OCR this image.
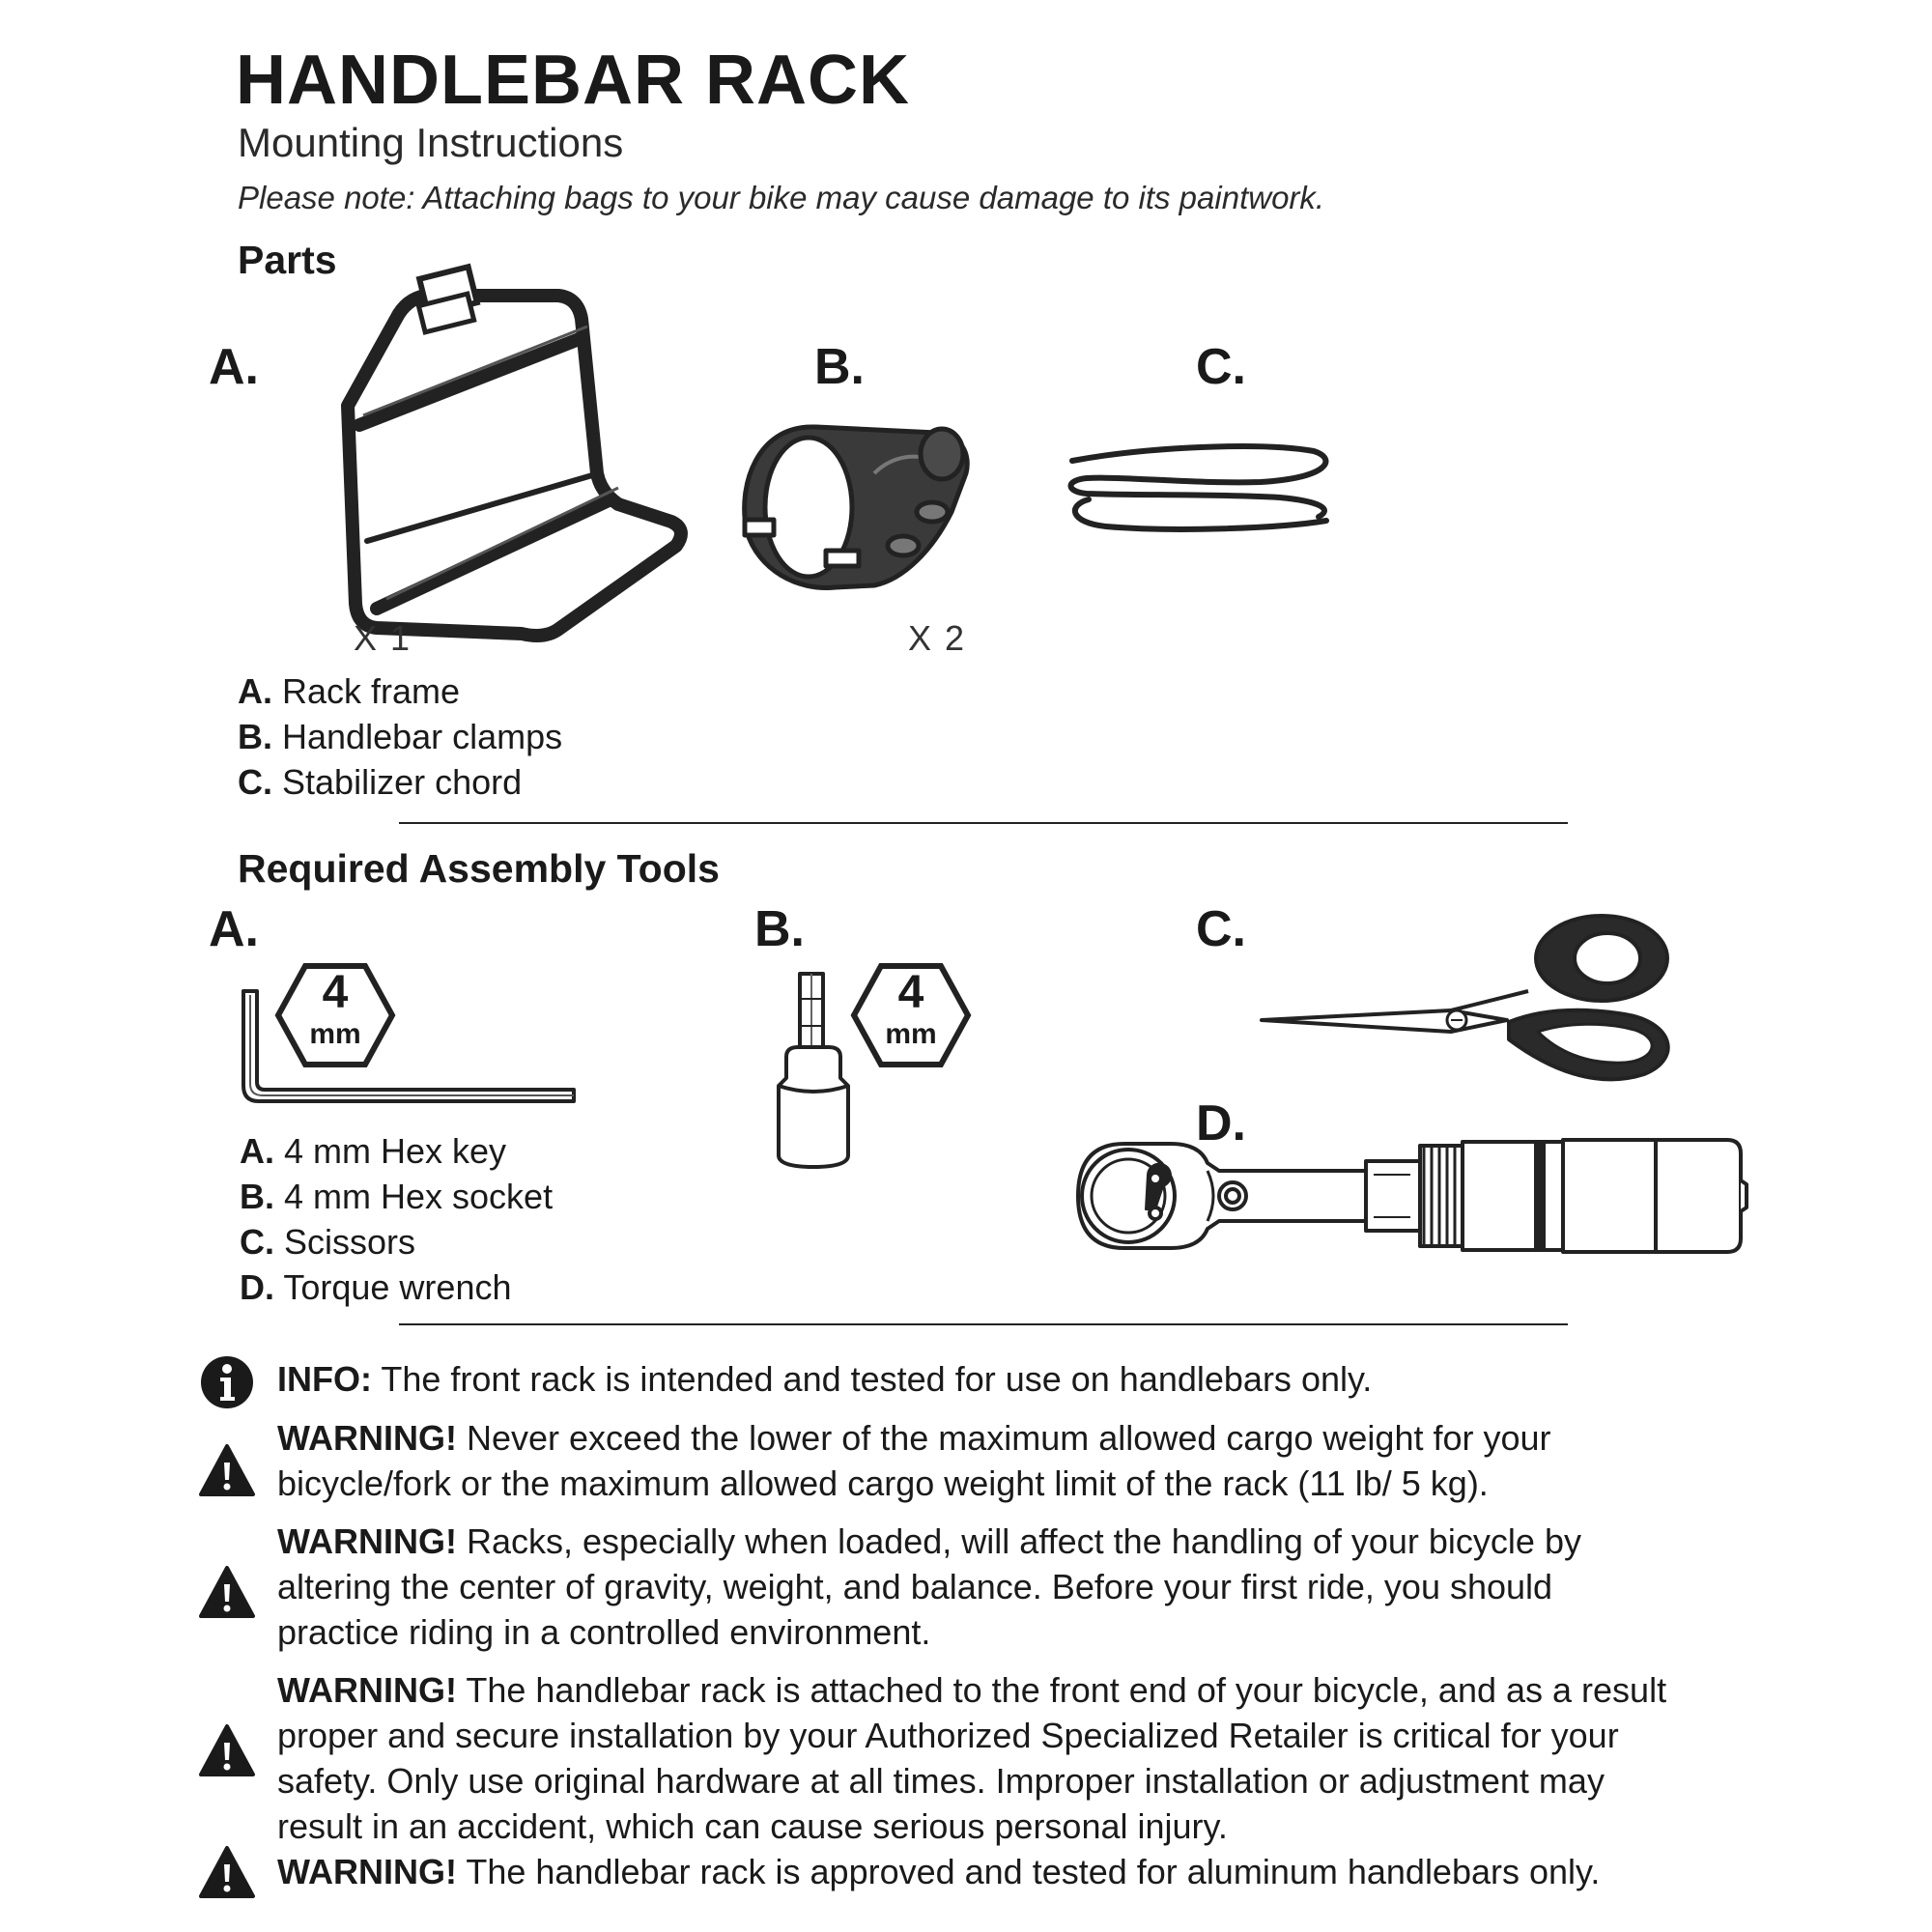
HANDLEBAR RACK
Mounting Instructions
Please note: Attaching bags to your bike may cause damage to its paintwork.
Parts
A.	B.	C.
X 1	X 2
A. Rack frame
B. Handlebar clamps
C. Stabilizer chord
Required Assembly Tools
A.	B.	C.
D.
4
mm
4
mm
A. 4 mm Hex key
B. 4 mm Hex socket
C. Scissors
D. Torque wrench
INFO: The front rack is intended and tested for use on handlebars only.
WARNING! Never exceed the lower of the maximum allowed cargo weight for your
bicycle/fork or the maximum allowed cargo weight limit of the rack (11 lb/ 5 kg).
WARNING! Racks, especially when loaded, will affect the handling of your bicycle by
altering the center of gravity, weight, and balance. Before your first ride, you should
practice riding in a controlled environment.
WARNING! The handlebar rack is attached to the front end of your bicycle, and as a result
proper and secure installation by your Authorized Specialized Retailer is critical for your
safety. Only use original hardware at all times. Improper installation or adjustment may
result in an accident, which can cause serious personal injury.
WARNING! The handlebar rack is approved and tested for aluminum handlebars only.
